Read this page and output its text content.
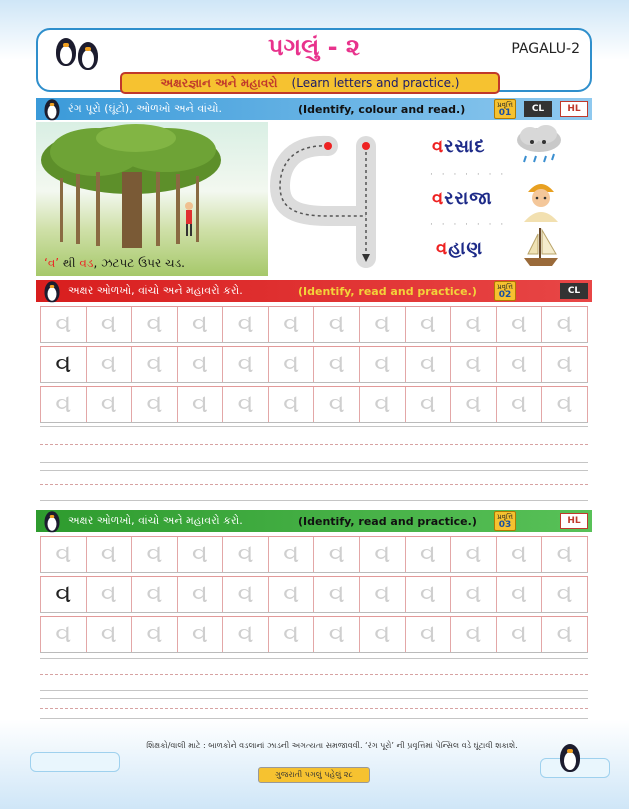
પગલું - ૨	PAGALU-2
અક્ષરજ્ઞાન અને મહાવરો (Learn letters and practice.)
રંગ પૂરો (ઘૂંટો), ઓળખો અને વાંચો.	(Identify, colour and read.)	પ્રવૃત્તિ
01	CL	HL
‘વ’ થી વડ, ઝટપટ ઉપર ચડ.
વરસાદ
· · · · · · ·
વરરાજા
· · · · · · ·
વહાણ
અક્ષર ઓળખો, વાંચો અને મહાવરો કરો.	(Identify, read and practice.)	પ્રવૃત્તિ
02	CL
વ	વ	વ	વ	વ	વ	વ	વ	વ	વ	વ	વ
વ	વ	વ	વ	વ	વ	વ	વ	વ	વ	વ	વ
વ	વ	વ	વ	વ	વ	વ	વ	વ	વ	વ	વ
અક્ષર ઓળખો, વાંચો અને મહાવરો કરો.	(Identify, read and practice.)	પ્રવૃત્તિ
03	HL
વ	વ	વ	વ	વ	વ	વ	વ	વ	વ	વ	વ
વ	વ	વ	વ	વ	વ	વ	વ	વ	વ	વ	વ
વ	વ	વ	વ	વ	વ	વ	વ	વ	વ	વ	વ
શિક્ષકો/વાલી માટે : બાળકોને વડલાનાં ઝાડની અગત્યતા સમજાવવી. ‘રંગ પૂરો’ ની પ્રવૃત્તિમાં પેન્સિલ વડે ઘૂંટાવી શકાશે.
ગુજરાતી પગલું પહેલું ૨૮
